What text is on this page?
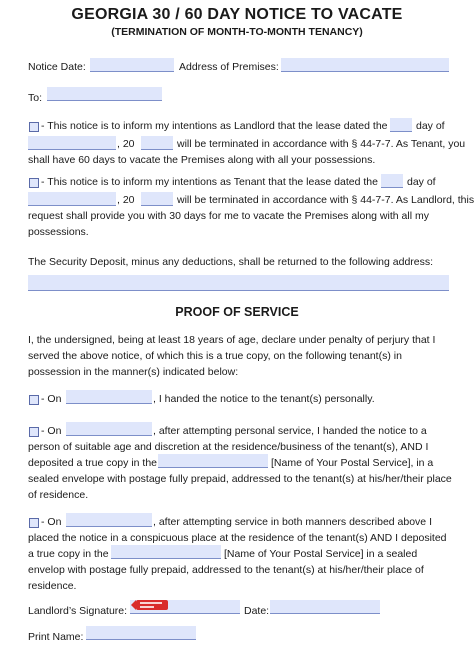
GEORGIA 30 / 60 DAY NOTICE TO VACATE
(TERMINATION OF MONTH-TO-MONTH TENANCY)
Notice Date:	Address of Premises:
To:
- This notice is to inform my intentions as Landlord that the lease dated the	day of
, 20	will be terminated in accordance with § 44-7-7. As Tenant, you
shall have 60 days to vacate the Premises along with all your possessions.
- This notice is to inform my intentions as Tenant that the lease dated the	day of
, 20	will be terminated in accordance with § 44-7-7. As Landlord, this
request shall provide you with 30 days for me to vacate the Premises along with all my
possessions.
The Security Deposit, minus any deductions, shall be returned to the following address:
PROOF OF SERVICE
I, the undersigned, being at least 18 years of age, declare under penalty of perjury that I
served the above notice, of which this is a true copy, on the following tenant(s) in
possession in the manner(s) indicated below:
- On	, I handed the notice to the tenant(s) personally.
- On	, after attempting personal service, I handed the notice to a
person of suitable age and discretion at the residence/business of the tenant(s), AND I
deposited a true copy in the	[Name of Your Postal Service], in a
sealed envelope with postage fully prepaid, addressed to the tenant(s) at his/her/their place
of residence.
- On	, after attempting service in both manners described above I
placed the notice in a conspicuous place at the residence of the tenant(s) AND I deposited
a true copy in the	[Name of Your Postal Service] in a sealed
envelop with postage fully prepaid, addressed to the tenant(s) at his/her/their place of
residence.
Landlord’s Signature:	Date:
Print Name:
